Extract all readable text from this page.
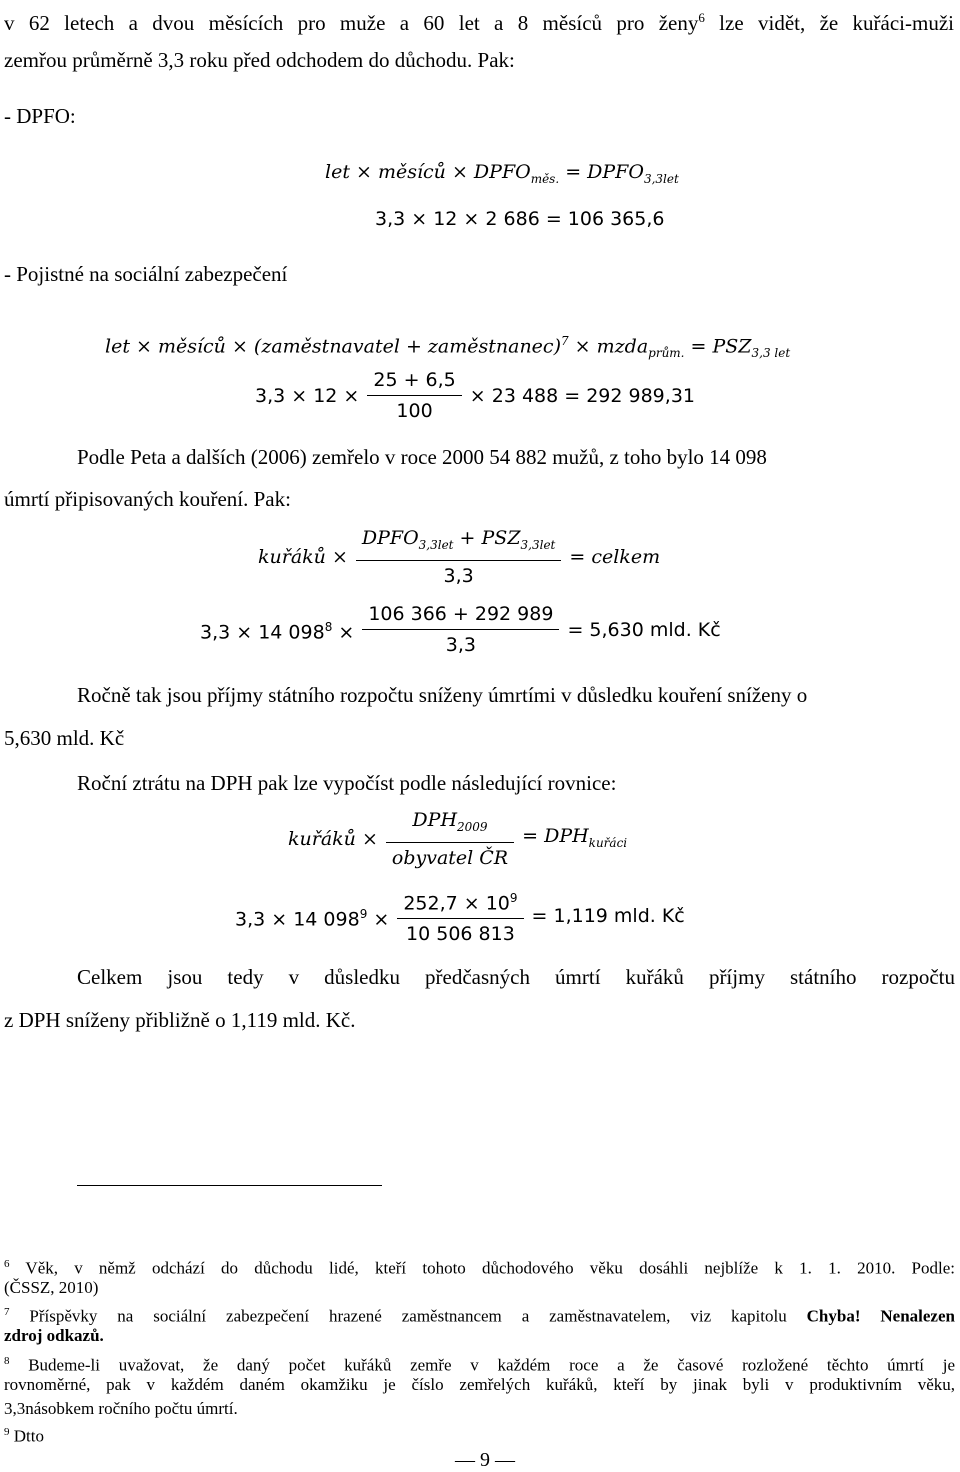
v 62 letech a dvou měsících pro muže a 60 let a 8 měsíců pro ženy$^6$ lze vidět, že kuřáci-muži
zemřou průměrně 3,3 roku před odchodem do důchodu. Pak:
- DPFO:
let × měsíců × $DPFO_{měs.}$ = $DPFO_{3,3let}$
3,3 × 12 × 2 686 = 106 365,6
- Pojistné na sociální zabezpečení
let × měsíců × (zaměstnavatel + zaměstnanec)$^7$ × mzda$_{prům.}$ = $PSZ_{3,3 let}$
$3,3 \times 12 \times \frac{25 + 6,5}{100} \times 23$ 488 = 292 989,31
Podle Peta a dalších (2006) zemřelo v roce 2000 54 882 mužů, z toho bylo 14 098
úmrtí připisovaných kouření. Pak:
kuřáků × $\frac{DPFO_{3,3let} + PSZ_{3,3let}}{3,3}$ = celkem
3,3 × 14 $098^8 \times \frac{106 366 + 292 989}{3,3} = 5,630$ mld. Kč
Ročně tak jsou příjmy státního rozpočtu sníženy úmrtími v důsledku kouření sníženy o
5,630 mld. Kč
Roční ztrátu na DPH pak lze vypočíst podle následující rovnice:
kuřáků × $\frac{DPH_{2009}}{\text{obyvatel ČR}} = DPH_{kuřáci}$
3,3 × 14 $098^9 \times \frac{252,7 \times 10^9}{10 506 813} = 1,119$ mld. Kč
Celkem jsou tedy v důsledku předčasných úmrtí kuřáků příjmy státního rozpočtu
z DPH sníženy přibližně o 1,119 mld. Kč.
$^6$ Věk, v němž odchází do důchodu lidé, kteří tohoto důchodového věku dosáhli nejblíže k 1. 1. 2010. Podle:
(ČSSZ, 2010)
$^7$ Příspěvky na sociální zabezpečení hrazené zaměstnancem a zaměstnavatelem, viz kapitolu Chyba! Nenalezen
zdroj odkazů.
$^8$ Budeme-li uvažovat, že daný počet kuřáků zemře v každém roce a že časové rozložené těchto úmrtí je
rovnoměrné, pak v každém daném okamžiku je číslo zemřelých kuřáků, kteří by jinak byli v produktivním věku,
3,3násobkem ročního počtu úmrtí.
$^9$ Dtto
— 9 —
